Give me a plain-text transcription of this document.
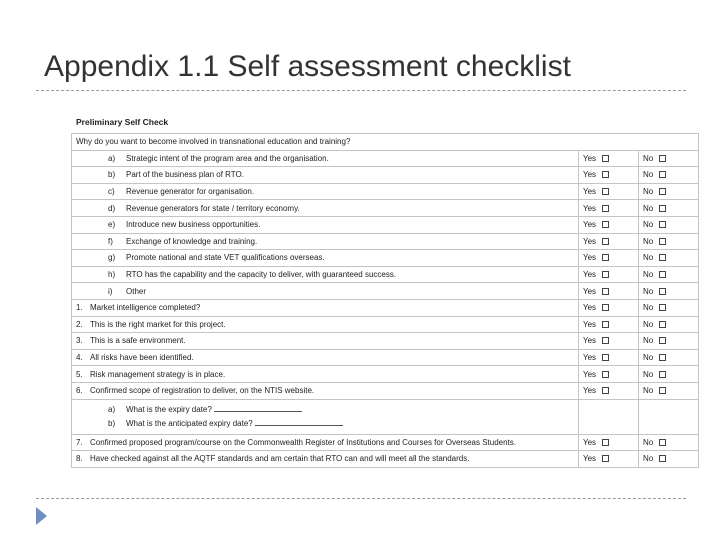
Appendix 1.1 Self assessment checklist
Preliminary Self Check
Why do you want to become involved in transnational education and training?		
a) Strategic intent of the program area and the organisation.	Yes	No
b) Part of the business plan of RTO.	Yes	No
c) Revenue generator for organisation.	Yes	No
d) Revenue generators for state / territory economy.	Yes	No
e) Introduce new business opportunities.	Yes	No
f) Exchange of knowledge and training.	Yes	No
g) Promote national and state VET qualifications overseas.	Yes	No
h) RTO has the capability and the capacity to deliver, with guaranteed success.	Yes	No
i) Other	Yes	No
1. Market intelligence completed?	Yes	No
2. This is the right market for this project.	Yes	No
3. This is a safe environment.	Yes	No
4. All risks have been identified.	Yes	No
5. Risk management strategy is in place.	Yes	No
6. Confirmed scope of registration to deliver, on the NTIS website.	Yes	No

a) What is the expiry date?
b) What is the anticipated expiry date?		

7. Confirmed proposed program/course on the Commonwealth Register of Institutions and Courses for Overseas Students.	Yes	No
8. Have checked against all the AQTF standards and am certain that RTO can and will meet all the standards.	Yes	No
